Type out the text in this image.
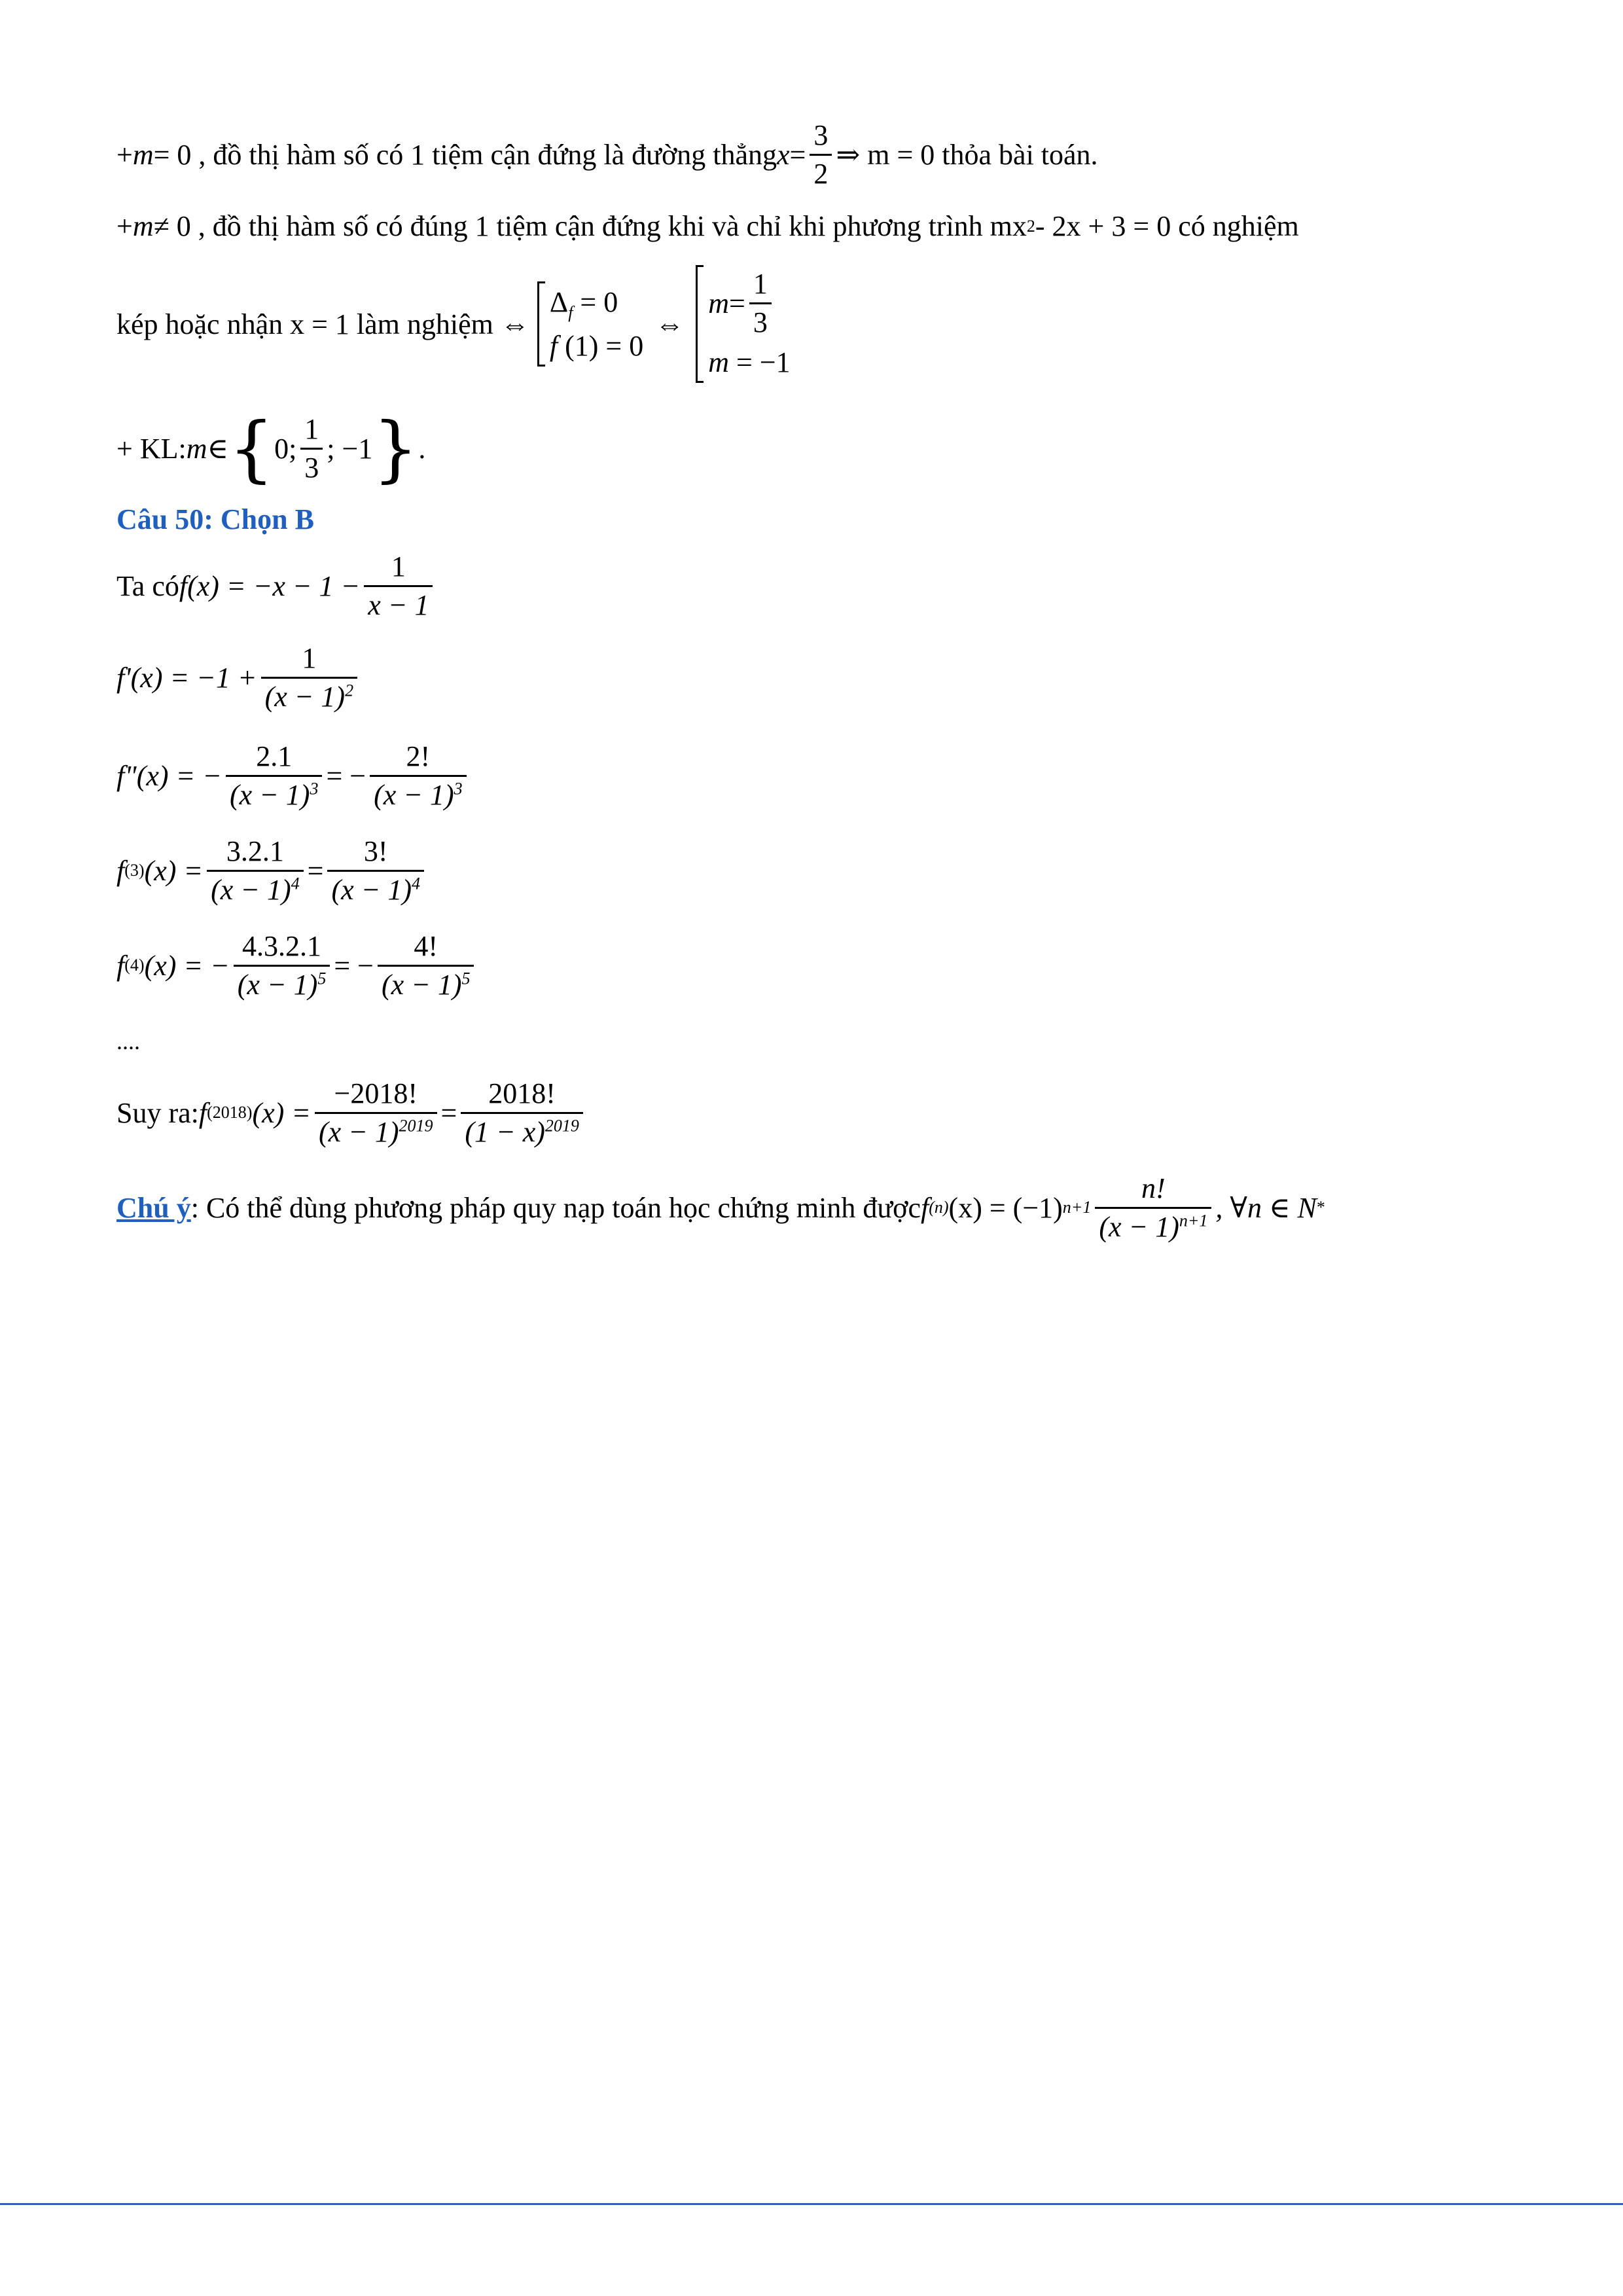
+ m = 0 , đồ thị hàm số có 1 tiệm cận đứng là đường thẳng $x = \frac{3}{2}$ ⇒ m = 0 thỏa bài toán.
+ m ≠ 0 , đồ thị hàm số có đúng 1 tiệm cận đứng khi và chỉ khi phương trình mx 2 - 2x + 3 = 0 có nghiệm
kép hoặc nhận x = 1 làm nghiệm ⇔
$\Delta_f = 0$
f (1) = 0
⇔
$m = \frac{1}{3}$
m = −1
+ KL: m ∈ { 0; $\frac{1}{3}$ ; −1 } .
Câu 50: Chọn B
Ta có f $(x) = -x - 1 - \frac{1}{x - 1}$
f '$(x) = -1 + \frac{1}{(x - 1)^2}$
f "(x) = − $\frac{2.1}{(x - 1)^3}$ = − $\frac{2!}{(x - 1)^3}$
f (3) $(x) = \frac{3.2.1}{(x - 1)^4} = \frac{3!}{(x - 1)^4}$
f (4) (x) = − $\frac{4.3.2.1}{(x - 1)^5}$ = − $\frac{4!}{(x - 1)^5}$
....
Suy ra: f (2018) $(x) = \frac{-2018!}{(x - 1)^{2019}} = \frac{2018!}{(1 - x)^{2019}}$
Chú ý : Có thể dùng phương pháp quy nạp toán học chứng minh được f (n) (x) = (−1) $n+1 \frac{n!}{(x - 1)^{n+1}}$ , ∀n ∈ N *
